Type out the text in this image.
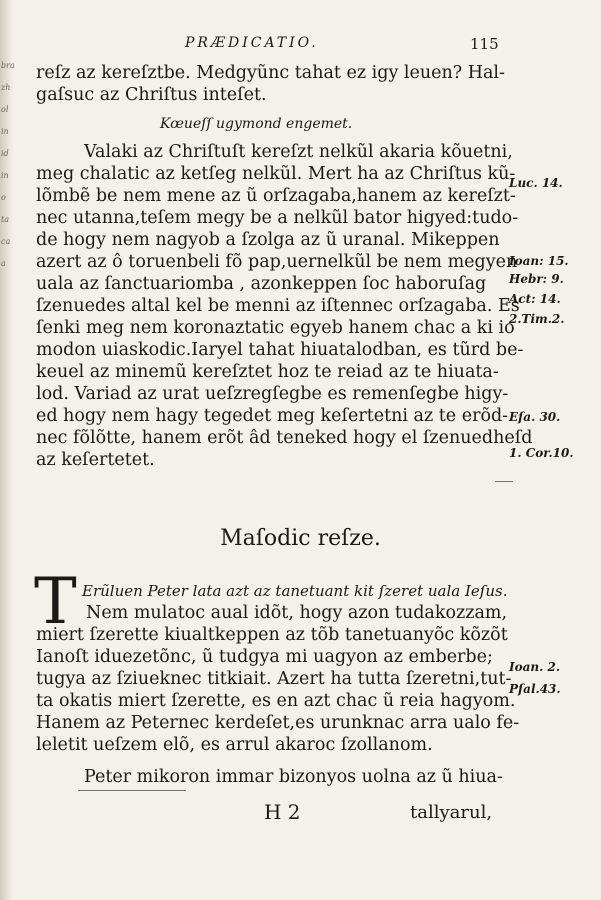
bra
zh
ol
in
id
in
o
ta
ca
a
PRÆDICATIO.	115
reſz az kereſztbe. Medgyũnc tahat ez igy leuen? Hal-
gaſsuc az Chriſtus inteſet.
Kœueſſ ugymond engemet.
Valaki az Chriſtuſt kereſzt nelkũl akaria kõuetni,
meg chalatic az ketſeg nelkũl. Mert ha az Chriſtus kũ-
lõmbẽ be nem mene az ũ orſzagaba,hanem az kereſzt-
nec utanna,teſem megy be a nelkũl bator higyed:tudo-
de hogy nem nagyob a ſzolga az ũ uranal. Mikeppen
azert az ô toruenbeli fõ pap,uernelkũl be nem megyen
uala az ſanctuariomba , azonkeppen ſoc haboruſag
ſzenuedes altal kel be menni az iſtennec orſzagaba. Es
ſenki meg nem koronaztatic egyeb hanem chac a ki io
modon uiaskodic.Iaryel tahat hiuatalodban, es tũrd be-
keuel az minemũ kereſztet hoz te reiad az te hiuata-
lod. Variad az urat ueſzregſegbe es remenſegbe higy-
ed hogy nem hagy tegedet meg keſertetni az te erõd-
nec fõlõtte, hanem erõt âd teneked hogy el ſzenuedheſd
az keſertetet.
Luc. 14.
Ioan: 15.
Hebr: 9.
Act: 14.
2.Tim.2.
Eſa. 30.
1. Cor.10.
Ioan. 2.
Pſal.43.
Maſodic reſze.
T Erũluen Peter lata azt az tanetuant kit ſzeret uala Ieſus.
Nem mulatoc aual idõt, hogy azon tudakozzam,
miert ſzerette kiualtkeppen az tõb tanetuanyõc kõzõt
Ianoſt iduezetõnc, ũ tudgya mi uagyon az emberbe;
tugya az ſziueknec titkiait. Azert ha tutta ſzeretni,tut-
ta okatis miert ſzerette, es en azt chac ũ reia hagyom.
Hanem az Peternec kerdeſet,es urunknac arra ualo fe-
leletit ueſzem elõ, es arrul akaroc ſzollanom.
Peter mikoron immar bizonyos uolna az ũ hiua-
H 2	tallyarul,
